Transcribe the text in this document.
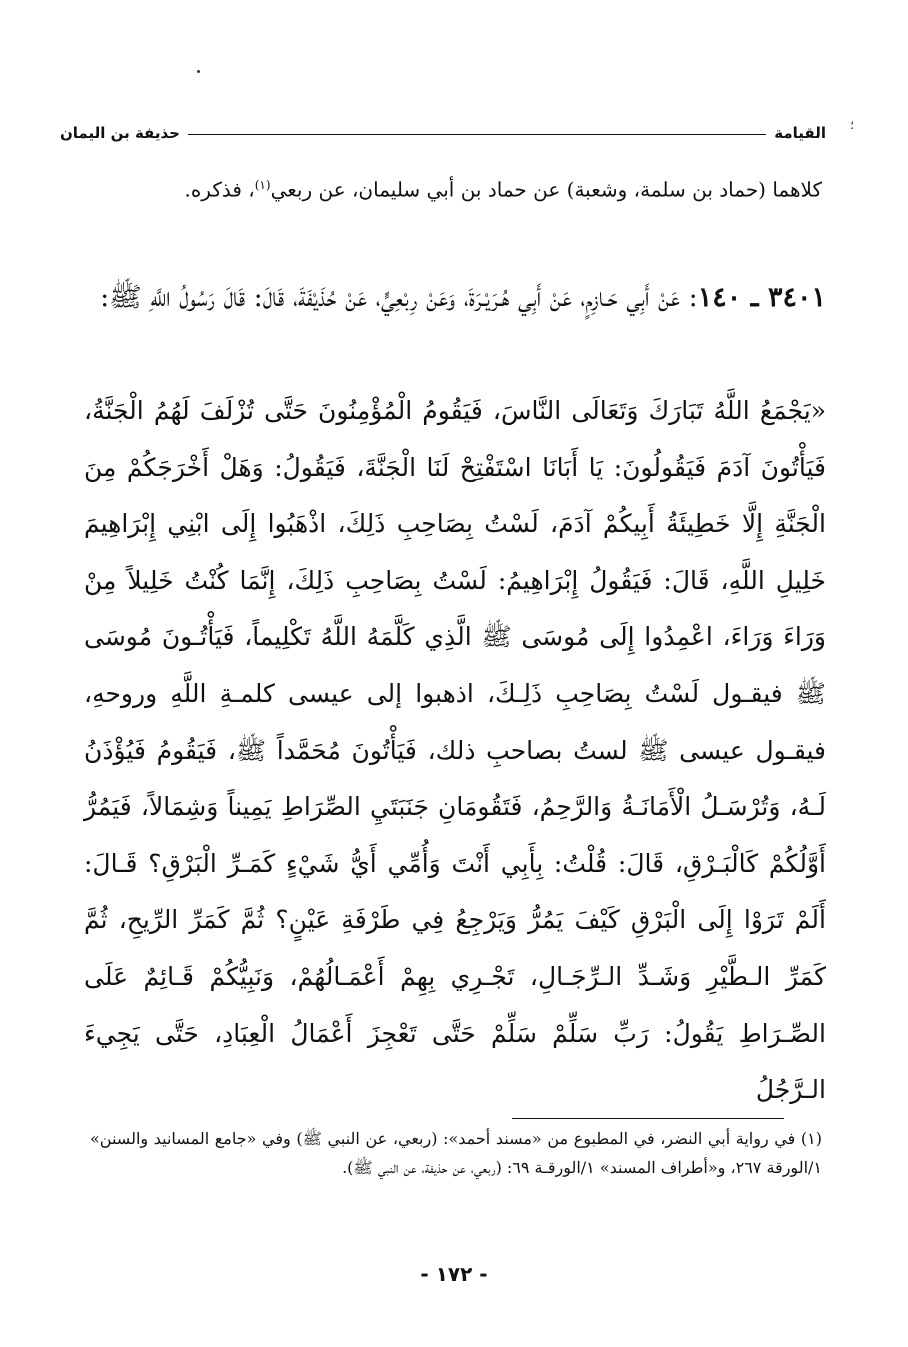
؛
القيامة
حذيفة بن اليمان
كلاهما (حماد بن سلمة، وشعبة) عن حماد بن أبي سليمان، عن ربعي$^{(١)}$، فذكره.
٣٤٠١ ـ ١٤٠: عَنْ أَبِي حَـازِمٍ، عَنْ أَبِي هُـرَيْـرَةَ، وَعَنْ رِبْعِيٍّ، عَنْ حُذَيْفَةَ، قَالَ: قَالَ رَسُولُ اللَّهِ ﷺ:
«يَجْمَعُ اللَّهُ تَبَارَكَ وَتَعَالَى النَّاسَ، فَيَقُومُ الْمُؤْمِنُونَ حَتَّى تُزْلَفَ لَهُمُ الْجَنَّةُ، فَيَأْتُونَ آدَمَ فَيَقُولُونَ: يَا أَبَانَا اسْتَفْتِحْ لَنَا الْجَنَّةَ، فَيَقُولُ: وَهَلْ أَخْرَجَكُمْ مِنَ الْجَنَّةِ إِلَّا خَطِيئَةُ أَبِيكُمْ آدَمَ، لَسْتُ بِصَاحِبِ ذَلِكَ، اذْهَبُوا إِلَى ابْنِي إِبْرَاهِيمَ خَلِيلِ اللَّهِ، قَالَ: فَيَقُولُ إِبْرَاهِيمُ: لَسْتُ بِصَاحِبِ ذَلِكَ، إِنَّمَا كُنْتُ خَلِيلاً مِنْ وَرَاءَ وَرَاءَ، اعْمِدُوا إِلَى مُوسَى ﷺ الَّذِي كَلَّمَهُ اللَّهُ تَكْلِيماً، فَيَأْتُـونَ مُوسَى ﷺ فيقـول لَسْتُ بِصَاحِبِ ذَلِـكَ، اذهبوا إلى عيسى كلمـةِ اللَّهِ وروحهِ، فيقـول عيسى ﷺ لستُ بصاحبِ ذلك، فَيَأْتُونَ مُحَمَّداً ﷺ، فَيَقُومُ فَيُؤْذَنُ لَـهُ، وَتُرْسَـلُ الْأَمَانَـةُ وَالرَّحِمُ، فَتَقُومَانِ جَنَبَتَيِ الصِّرَاطِ يَمِيناً وَشِمَالاً، فَيَمُرُّ أَوَّلُكُمْ كَالْبَـرْقِ، قَالَ: قُلْتُ: بِأَبِي أَنْتَ وَأُمِّي أَيُّ شَيْءٍ كَمَـرِّ الْبَرْقِ؟ قَـالَ: أَلَمْ تَرَوْا إِلَى الْبَرْقِ كَيْفَ يَمُرُّ وَيَرْجِعُ فِي طَرْفَةِ عَيْنٍ؟ ثُمَّ كَمَرِّ الرِّيحِ، ثُمَّ كَمَرِّ الـطَّيْرِ وَشَـدِّ الـرِّجَـالِ، تَجْـرِي بِهِمْ أَعْمَـالُهُمْ، وَنَبِيُّكُمْ قَـائِمٌ عَلَى الصِّـرَاطِ يَقُولُ: رَبِّ سَلِّمْ سَلِّمْ حَتَّى تَعْجِزَ أَعْمَالُ الْعِبَادِ، حَتَّى يَجِيءَ الـرَّجُلُ
(١) في رواية أبي النضر، في المطبوع من «مسند أحمد»: (ربعي، عن النبي ﷺ) وفي «جامع المسانيد والسنن» ١/الورقة ٢٦٧، و«أطراف المسند» ١/الورقـة ٦٩: (ربعي، عن حذيفة، عن النبي ﷺ).
- ١٧٢ -
